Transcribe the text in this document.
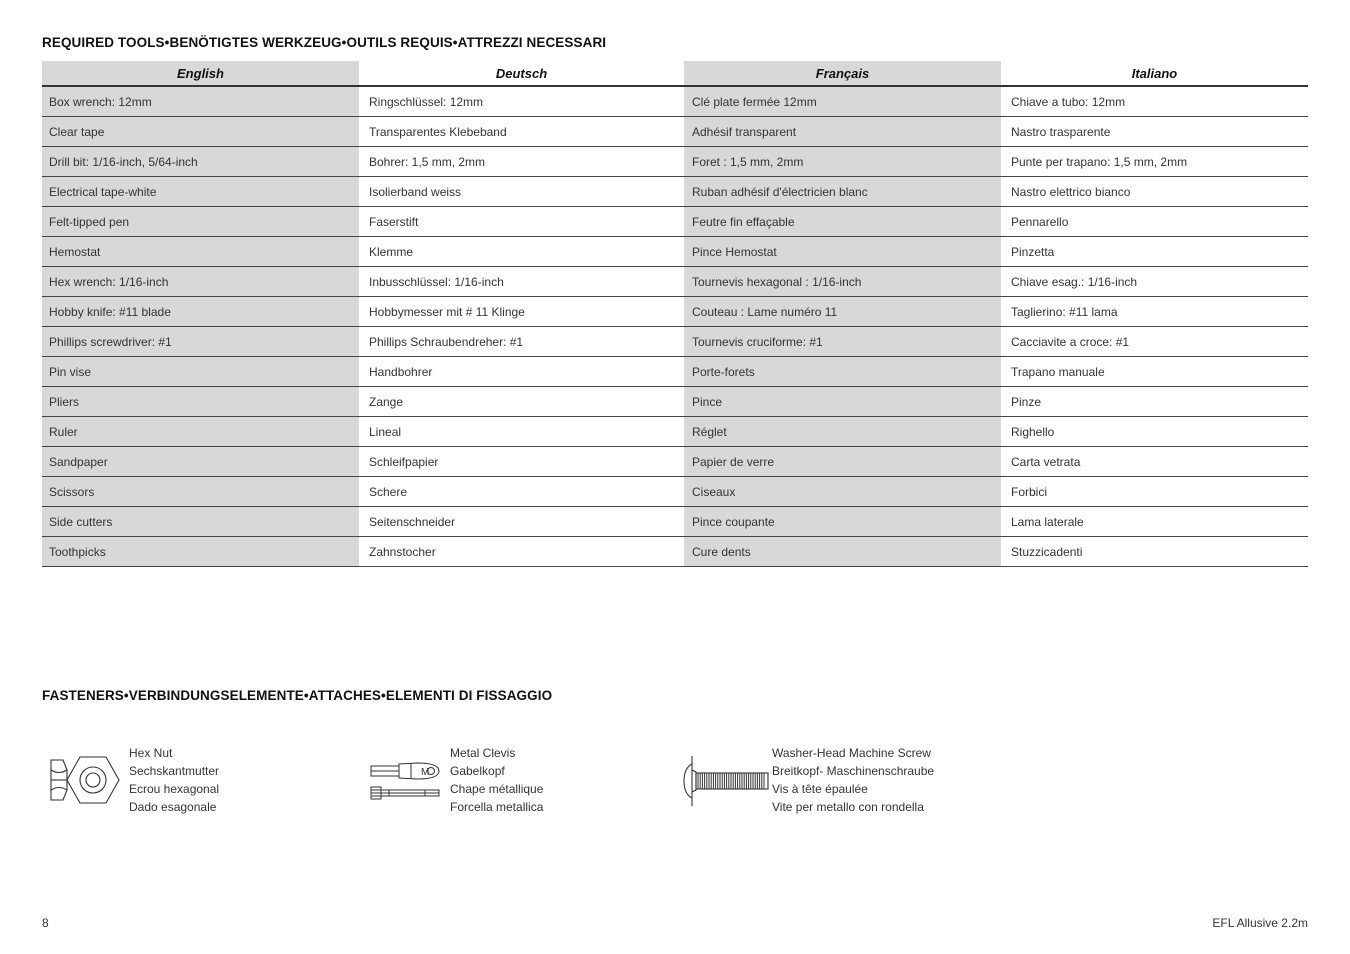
REQUIRED TOOLS•BENÖTIGTES WERKZEUG•OUTILS REQUIS•ATTREZZI NECESSARI
English	Deutsch	Français	Italiano
Box wrench: 12mm	Ringschlüssel: 12mm	Clé plate fermée 12mm	Chiave a tubo: 12mm
Clear tape	Transparentes Klebeband	Adhésif transparent	Nastro trasparente
Drill bit: 1/16-inch, 5/64-inch	Bohrer: 1,5 mm, 2mm	Foret : 1,5 mm, 2mm	Punte per trapano: 1,5 mm, 2mm
Electrical tape-white	Isolierband weiss	Ruban adhésif d'électricien blanc	Nastro elettrico bianco
Felt-tipped pen	Faserstift	Feutre fin effaçable	Pennarello
Hemostat	Klemme	Pince Hemostat	Pinzetta
Hex wrench: 1/16-inch	Inbusschlüssel: 1/16-inch	Tournevis hexagonal : 1/16-inch	Chiave esag.: 1/16-inch
Hobby knife: #11 blade	Hobbymesser mit # 11 Klinge	Couteau : Lame numéro 11	Taglierino: #11 lama
Phillips screwdriver: #1	Phillips Schraubendreher: #1	Tournevis cruciforme: #1	Cacciavite a croce: #1
Pin vise	Handbohrer	Porte-forets	Trapano manuale
Pliers	Zange	Pince	Pinze
Ruler	Lineal	Réglet	Righello
Sandpaper	Schleifpapier	Papier de verre	Carta vetrata
Scissors	Schere	Ciseaux	Forbici
Side cutters	Seitenschneider	Pince coupante	Lama laterale
Toothpicks	Zahnstocher	Cure dents	Stuzzicadenti
FASTENERS•VERBINDUNGSELEMENTE•ATTACHES•ELEMENTI DI FISSAGGIO
Hex Nut
Sechskantmutter
Ecrou hexagonal
Dado esagonale
M
Metal Clevis
Gabelkopf
Chape métallique
Forcella metallica
Washer-Head Machine Screw
Breitkopf- Maschinenschraube
Vis à tête épaulée
Vite per metallo con rondella
8	EFL Allusive 2.2m
